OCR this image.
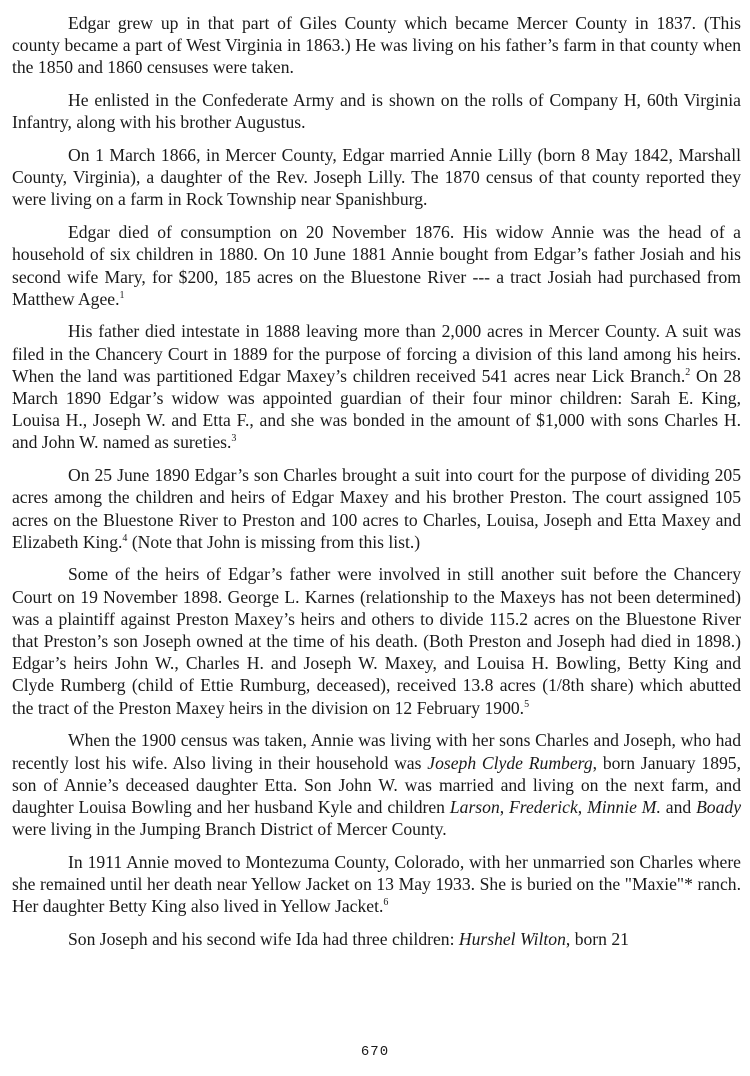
Edgar grew up in that part of Giles County which became Mercer County in 1837. (This county became a part of West Virginia in 1863.) He was living on his father’s farm in that county when the 1850 and 1860 censuses were taken.

He enlisted in the Confederate Army and is shown on the rolls of Company H, 60th Virginia Infantry, along with his brother Augustus.

On 1 March 1866, in Mercer County, Edgar married Annie Lilly (born 8 May 1842, Marshall County, Virginia), a daughter of the Rev. Joseph Lilly. The 1870 census of that county reported they were living on a farm in Rock Township near Spanishburg.

Edgar died of consumption on 20 November 1876. His widow Annie was the head of a household of six children in 1880. On 10 June 1881 Annie bought from Edgar’s father Josiah and his second wife Mary, for $200, 185 acres on the Bluestone River --- a tract Josiah had purchased from Matthew Agee.$^1$

His father died intestate in 1888 leaving more than 2,000 acres in Mercer County. A suit was filed in the Chancery Court in 1889 for the purpose of forcing a division of this land among his heirs. When the land was partitioned Edgar Maxey’s children received 541 acres near Lick Branch.$^2$ On 28 March 1890 Edgar’s widow was appointed guardian of their four minor children: Sarah E. King, Louisa H., Joseph W. and Etta F., and she was bonded in the amount of $1,000 with sons Charles H. and John W. named as sureties.$^3$

On 25 June 1890 Edgar’s son Charles brought a suit into court for the purpose of dividing 205 acres among the children and heirs of Edgar Maxey and his brother Preston. The court assigned 105 acres on the Bluestone River to Preston and 100 acres to Charles, Louisa, Joseph and Etta Maxey and Elizabeth King.$^4$ (Note that John is missing from this list.)

Some of the heirs of Edgar’s father were involved in still another suit before the Chancery Court on 19 November 1898. George L. Karnes (relationship to the Maxeys has not been determined) was a plaintiff against Preston Maxey’s heirs and others to divide 115.2 acres on the Bluestone River that Preston’s son Joseph owned at the time of his death. (Both Preston and Joseph had died in 1898.) Edgar’s heirs John W., Charles H. and Joseph W. Maxey, and Louisa H. Bowling, Betty King and Clyde Rumberg (child of Ettie Rumburg, deceased), received 13.8 acres (1/8th share) which abutted the tract of the Preston Maxey heirs in the division on 12 February 1900.$^5$

When the 1900 census was taken, Annie was living with her sons Charles and Joseph, who had recently lost his wife. Also living in their household was Joseph Clyde Rumberg, born January 1895, son of Annie’s deceased daughter Etta. Son John W. was married and living on the next farm, and daughter Louisa Bowling and her husband Kyle and children Larson, Frederick, Minnie M. and Boady were living in the Jumping Branch District of Mercer County.

In 1911 Annie moved to Montezuma County, Colorado, with her unmarried son Charles where she remained until her death near Yellow Jacket on 13 May 1933. She is buried on the "Maxie"* ranch. Her daughter Betty King also lived in Yellow Jacket.$^6$

Son Joseph and his second wife Ida had three children: Hurshel Wilton, born 21

670
